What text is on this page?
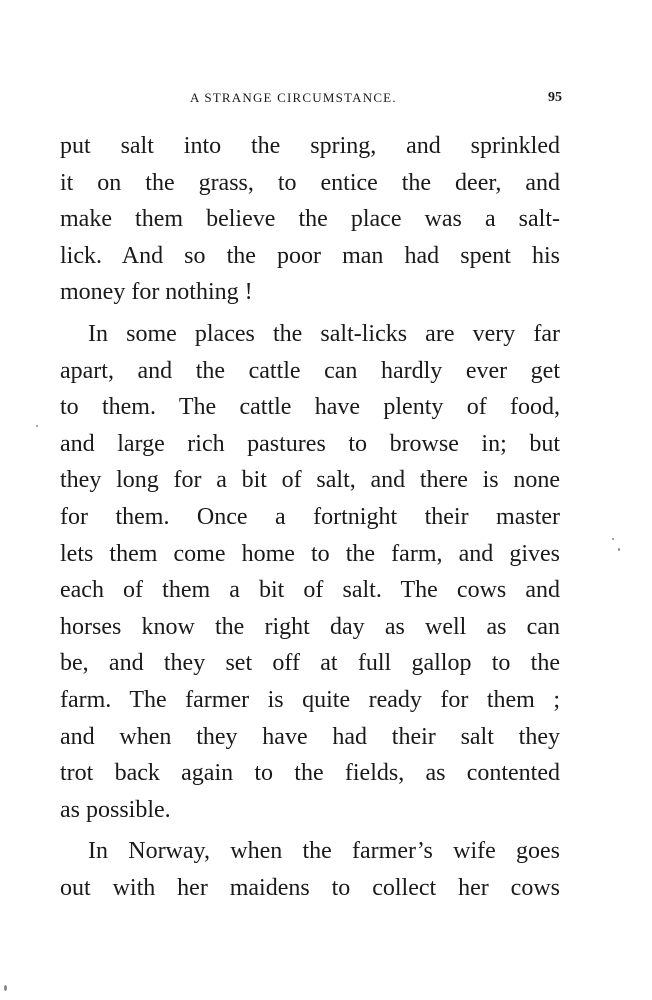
A STRANGE CIRCUMSTANCE.	95
put salt into the spring, and sprinkled
it on the grass, to entice the deer, and
make them believe the place was a salt-
lick. And so the poor man had spent his
money for nothing !
In some places the salt-licks are very far
apart, and the cattle can hardly ever get
to them. The cattle have plenty of food,
and large rich pastures to browse in; but
they long for a bit of salt, and there is none
for them. Once a fortnight their master
lets them come home to the farm, and gives
each of them a bit of salt. The cows and
horses know the right day as well as can
be, and they set off at full gallop to the
farm. The farmer is quite ready for them ;
and when they have had their salt they
trot back again to the fields, as contented
as possible.
In Norway, when the farmer’s wife goes
out with her maidens to collect her cows
